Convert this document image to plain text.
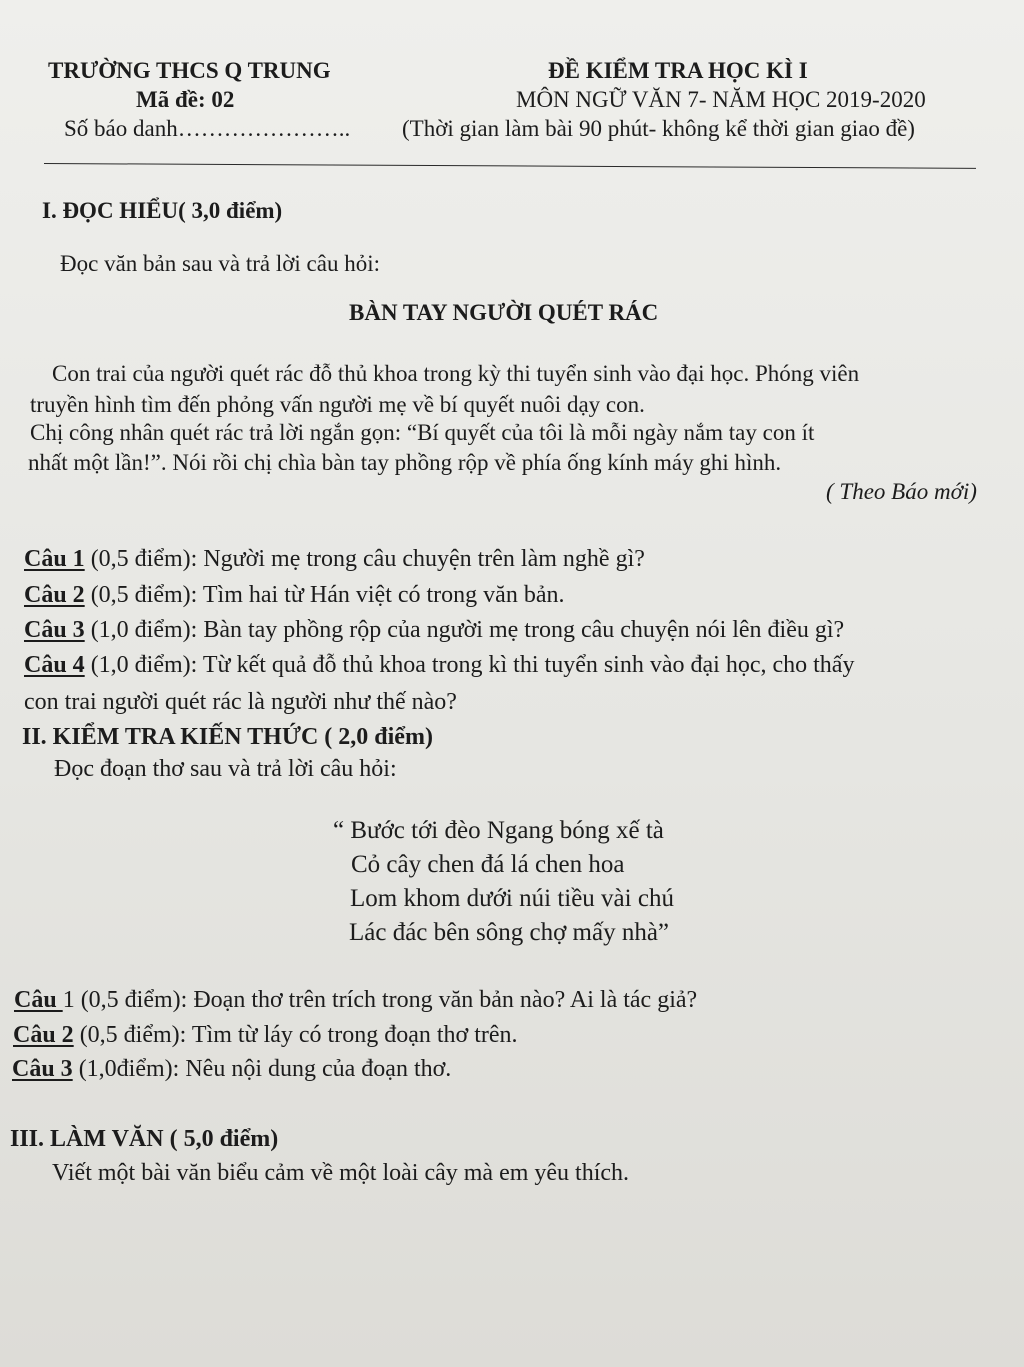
TRƯỜNG THCS Q TRUNG
Mã đề: 02
Số báo danh…………………..
ĐỀ KIỂM TRA HỌC KÌ I
MÔN NGỮ VĂN 7- NĂM HỌC 2019-2020
(Thời gian làm bài 90 phút- không kể thời gian giao đề)
I. ĐỌC HIỂU( 3,0 điểm)
Đọc văn bản sau và trả lời câu hỏi:
BÀN TAY NGƯỜI QUÉT RÁC
Con trai của người quét rác đỗ thủ khoa trong kỳ thi tuyển sinh vào đại học. Phóng viên
truyền hình tìm đến phỏng vấn người mẹ về bí quyết nuôi dạy con.
Chị công nhân quét rác trả lời ngắn gọn: “Bí quyết của tôi là mỗi ngày nắm tay con ít
nhất một lần!”. Nói rồi chị chìa bàn tay phồng rộp về phía ống kính máy ghi hình.
( Theo Báo mới)
Câu 1 (0,5 điểm): Người mẹ trong câu chuyện trên làm nghề gì?
Câu 2 (0,5 điểm): Tìm hai từ Hán việt có trong văn bản.
Câu 3 (1,0 điểm): Bàn tay phồng rộp của người mẹ trong câu chuyện nói lên điều gì?
Câu 4 (1,0 điểm): Từ kết quả đỗ thủ khoa trong kì thi tuyển sinh vào đại học, cho thấy
con trai người quét rác là người như thế nào?
II. KIỂM TRA KIẾN THỨC ( 2,0 điểm)
Đọc đoạn thơ sau và trả lời câu hỏi:
“ Bước tới đèo Ngang bóng xế tà
Cỏ cây chen đá lá chen hoa
Lom khom dưới núi tiều vài chú
Lác đác bên sông chợ mấy nhà”
Câu 1 (0,5 điểm): Đoạn thơ trên trích trong văn bản nào? Ai là tác giả?
Câu 2 (0,5 điểm): Tìm từ láy có trong đoạn thơ trên.
Câu 3 (1,0điểm): Nêu nội dung của đoạn thơ.
III. LÀM VĂN ( 5,0 điểm)
Viết một bài văn biểu cảm về một loài cây mà em yêu thích.
